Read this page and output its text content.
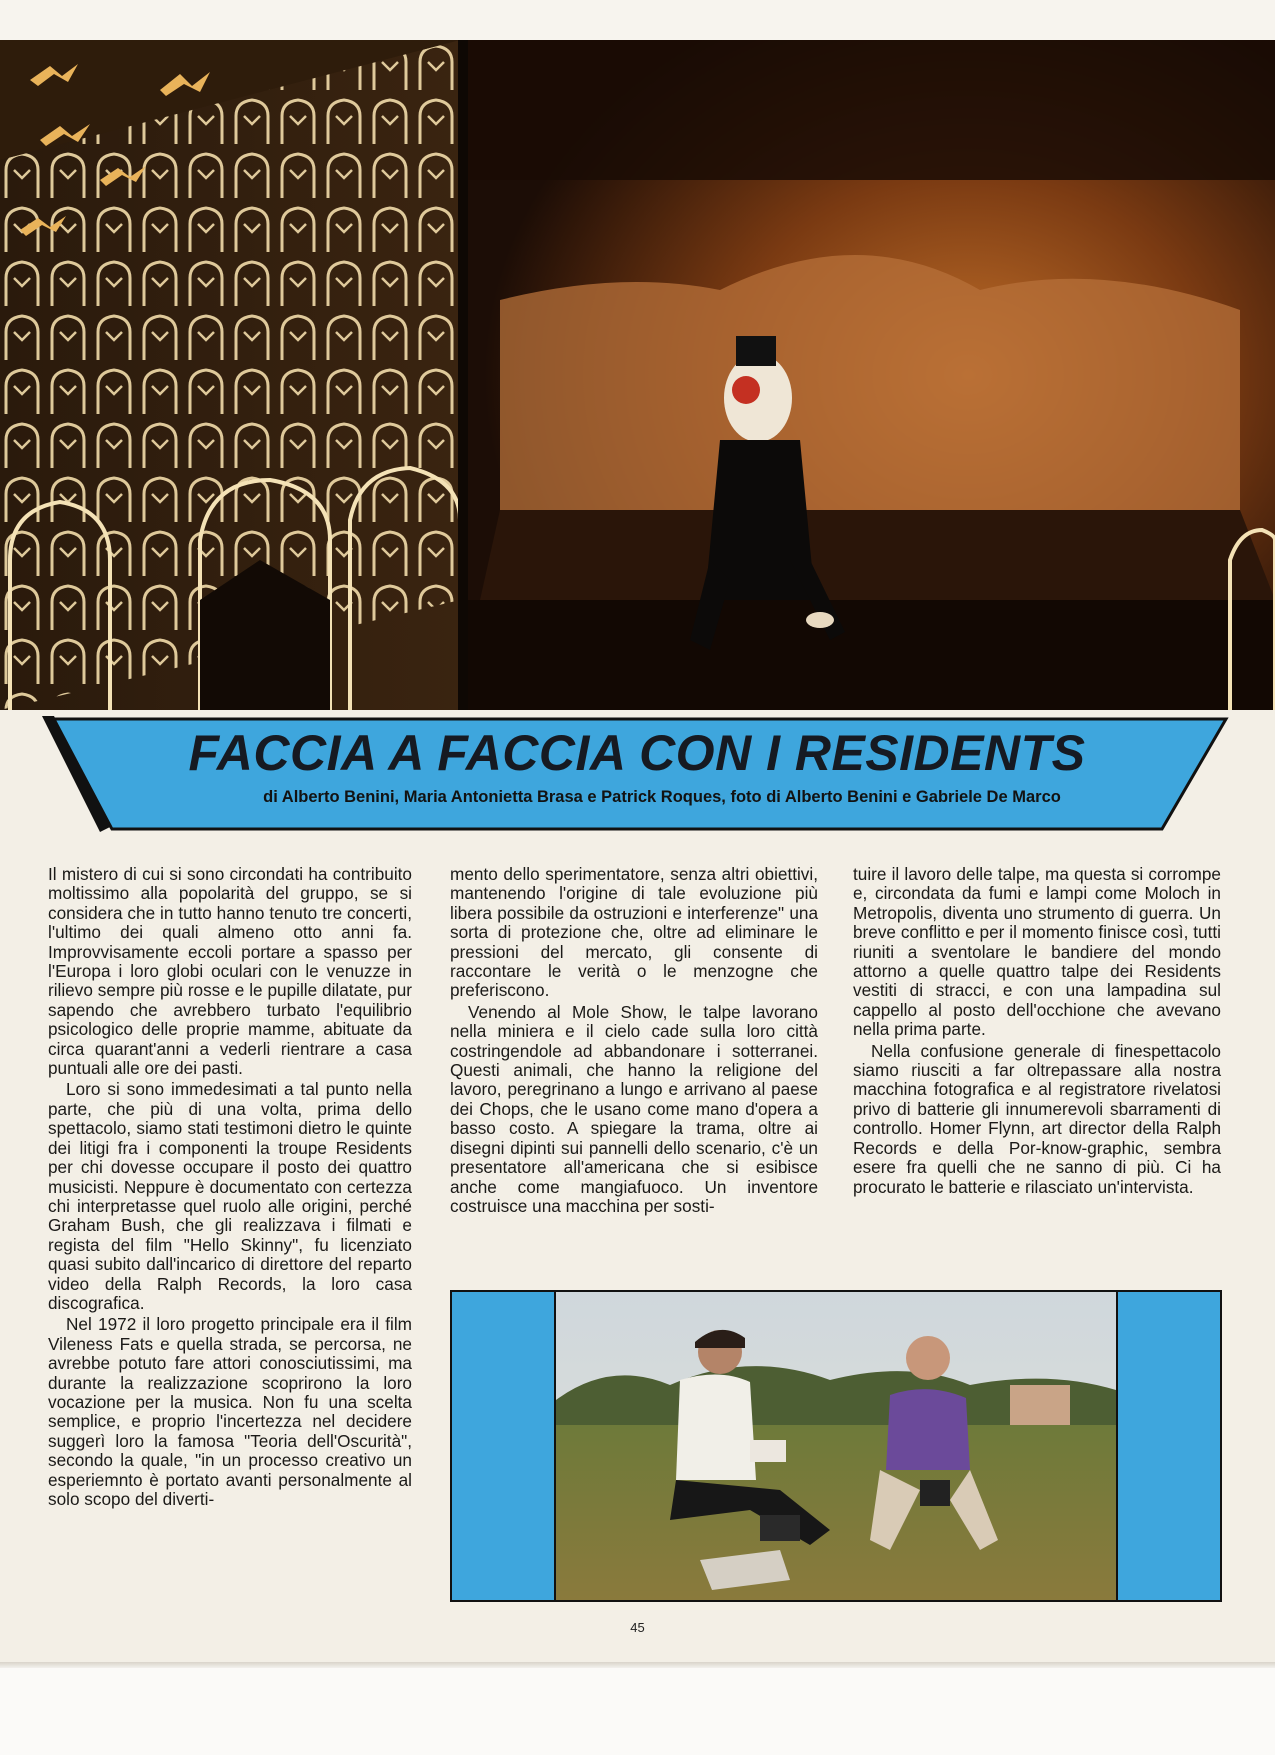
FACCIA A FACCIA CON I RESIDENTS
di Alberto Benini, Maria Antonietta Brasa e Patrick Roques, foto di Alberto Benini e Gabriele De Marco

Il mistero di cui si sono circondati ha contribuito moltissimo alla popolarità del gruppo, se si considera che in tutto hanno tenuto tre concerti, l'ultimo dei quali almeno otto anni fa. Improvvisamente eccoli portare a spasso per l'Europa i loro globi oculari con le venuzze in rilievo sempre più rosse e le pupille dilatate, pur sapendo che avrebbero turbato l'equilibrio psicologico delle proprie mamme, abituate da circa quarant'anni a vederli rientrare a casa puntuali alle ore dei pasti.

Loro si sono immedesimati a tal punto nella parte, che più di una volta, prima dello spettacolo, siamo stati testimoni dietro le quinte dei litigi fra i componenti la troupe Residents per chi dovesse occupare il posto dei quattro musicisti. Neppure è documentato con certezza chi interpretasse quel ruolo alle origini, perché Graham Bush, che gli realizzava i filmati e regista del film "Hello Skinny", fu licenziato quasi subito dall'incarico di direttore del reparto video della Ralph Records, la loro casa discografica.

Nel 1972 il loro progetto principale era il film Vileness Fats e quella strada, se percorsa, ne avrebbe potuto fare attori conosciutissimi, ma durante la realizzazione scoprirono la loro vocazione per la musica. Non fu una scelta semplice, e proprio l'incertezza nel decidere suggerì loro la famosa "Teoria dell'Oscurità", secondo la quale, "in un processo creativo un esperiemnto è portato avanti personalmente al solo scopo del diverti-

mento dello sperimentatore, senza altri obiettivi, mantenendo l'origine di tale evoluzione più libera possibile da ostruzioni e interferenze" una sorta di protezione che, oltre ad eliminare le pressioni del mercato, gli consente di raccontare le verità o le menzogne che preferiscono.

Venendo al Mole Show, le talpe lavorano nella miniera e il cielo cade sulla loro città costringendole ad abbandonare i sotterranei. Questi animali, che hanno la religione del lavoro, peregrinano a lungo e arrivano al paese dei Chops, che le usano come mano d'opera a basso costo. A spiegare la trama, oltre ai disegni dipinti sui pannelli dello scenario, c'è un presentatore all'americana che si esibisce anche come mangiafuoco. Un inventore costruisce una macchina per sosti-

tuire il lavoro delle talpe, ma questa si corrompe e, circondata da fumi e lampi come Moloch in Metropolis, diventa uno strumento di guerra. Un breve conflitto e per il momento finisce così, tutti riuniti a sventolare le bandiere del mondo attorno a quelle quattro talpe dei Residents vestiti di stracci, e con una lampadina sul cappello al posto dell'occhione che avevano nella prima parte.

Nella confusione generale di finespettacolo siamo riusciti a far oltrepassare alla nostra macchina fotografica e al registratore rivelatosi privo di batterie gli innumerevoli sbarramenti di controllo. Homer Flynn, art director della Ralph Records e della Por-know-graphic, sembra esere fra quelli che ne sanno di più. Ci ha procurato le batterie e rilasciato un'intervista.

45
